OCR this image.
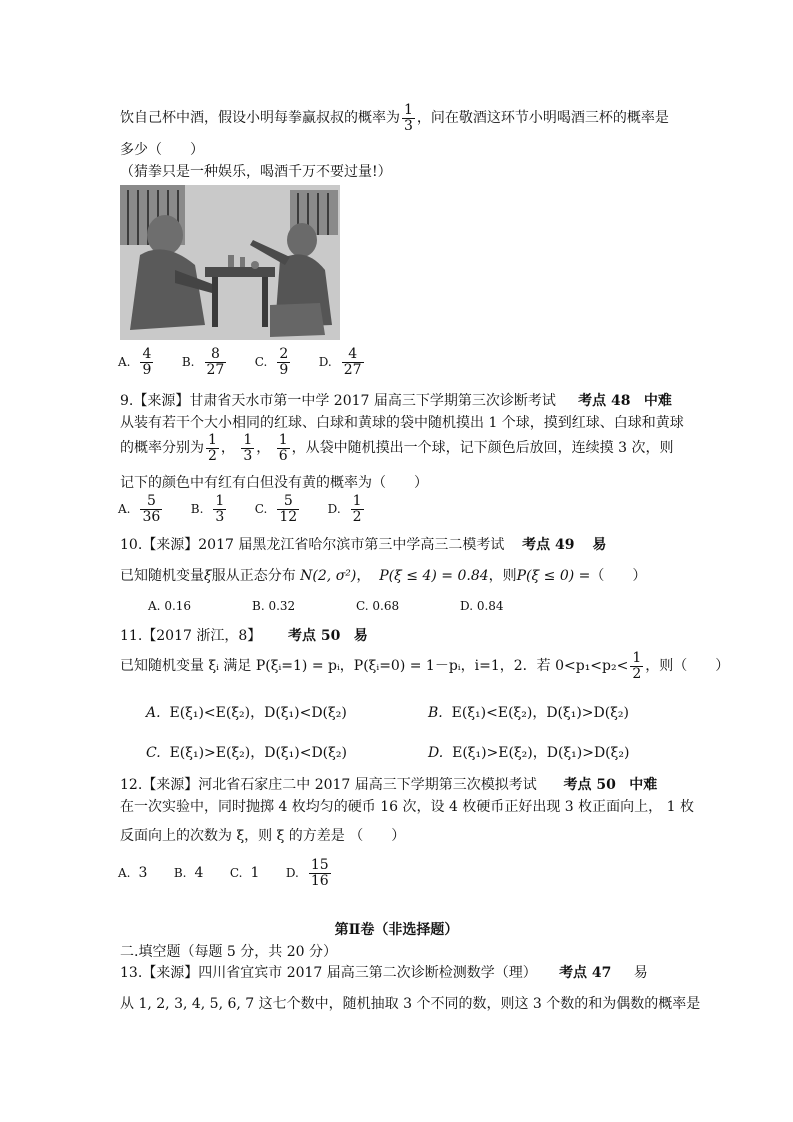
饮自己杯中酒，假设小明每拳赢叔叔的概率为 $\frac{1}{3}$ ，问在敬酒这环节小明喝酒三杯的概率是
多少（　　）
（猜拳只是一种娱乐，喝酒千万不要过量!）
A. $\frac{4}{9}$
B. $\frac{8}{27}$
C. $\frac{2}{9}$
D. $\frac{4}{27}$
9.【来源】甘肃省天水市第一中学 2017 届高三下学期第三次诊断考试 考点 48 中难
从装有若干个大小相同的红球、白球和黄球的袋中随机摸出 1 个球，摸到红球、白球和黄球
的概率分别为 $\frac{1}{2}$ ， $\frac{1}{3}$ ， $\frac{1}{6}$ ，从袋中随机摸出一个球，记下颜色后放回，连续摸 3 次，则
记下的颜色中有红有白但没有黄的概率为（　　）
A. $\frac{5}{36}$
B. $\frac{1}{3}$
C. $\frac{5}{12}$
D. $\frac{1}{2}$
10.【来源】2017 届黑龙江省哈尔滨市第三中学高三二模考试 考点 49 易
已知随机变量ξ服从正态分布 N(2, σ²)， P(ξ ≤ 4) = 0.84，则P(ξ ≤ 0) =（　　）
A. 0.16	B. 0.32	C. 0.68	D. 0.84
11.【2017 浙江，8】 考点 50 易
已知随机变量 ξᵢ 满足 P(ξᵢ=1) = pᵢ，P(ξᵢ=0) = 1－pᵢ，i=1，2．若 $0<p_1<p_2< \frac{1}{2}$ ，则（　　）
A. E(ξ₁)<E(ξ₂)，D(ξ₁)<D(ξ₂)	B. E(ξ₁)<E(ξ₂)，D(ξ₁)>D(ξ₂)
C. E(ξ₁)>E(ξ₂)，D(ξ₁)<D(ξ₂)	D. E(ξ₁)>E(ξ₂)，D(ξ₁)>D(ξ₂)
12.【来源】河北省石家庄二中 2017 届高三下学期第三次模拟考试 考点 50 中难
在一次实验中，同时抛掷 4 枚均匀的硬币 16 次，设 4 枚硬币正好出现 3 枚正面向上， 1 枚
反面向上的次数为 ξ，则 ξ 的方差是 （　　）
A. 3
B. 4
C. 1
D. $\frac{15}{16}$
第Ⅱ卷（非选择题）
二.填空题（每题 5 分，共 20 分）
13.【来源】四川省宜宾市 2017 届高三第二次诊断检测数学（理） 考点 47 易
从 1, 2, 3, 4, 5, 6, 7 这七个数中，随机抽取 3 个不同的数，则这 3 个数的和为偶数的概率是
